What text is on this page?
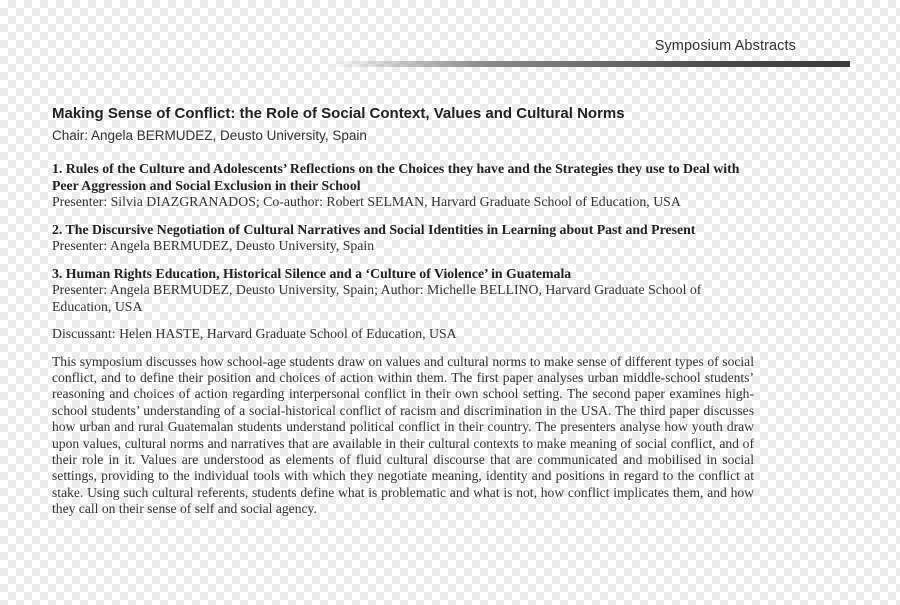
Symposium Abstracts
Making Sense of Conflict: the Role of Social Context, Values and Cultural Norms
Chair: Angela BERMUDEZ, Deusto University, Spain
1. Rules of the Culture and Adolescents’ Reflections on the Choices they have and the Strategies they use to Deal with Peer Aggression and Social Exclusion in their School
Presenter: Silvia DIAZGRANADOS; Co-author: Robert SELMAN, Harvard Graduate School of Education, USA
2. The Discursive Negotiation of Cultural Narratives and Social Identities in Learning about Past and Present
Presenter: Angela BERMUDEZ, Deusto University, Spain
3. Human Rights Education, Historical Silence and a ‘Culture of Violence’ in Guatemala
Presenter: Angela BERMUDEZ, Deusto University, Spain; Author: Michelle BELLINO, Harvard Graduate School of Education, USA
Discussant: Helen HASTE, Harvard Graduate School of Education, USA
This symposium discusses how school-age students draw on values and cultural norms to make sense of different types of social conflict, and to define their position and choices of action within them. The first paper analyses urban middle-school students’ reasoning and choices of action regarding interpersonal conflict in their own school setting. The second paper examines high-school students’ understanding of a social-historical conflict of racism and discrimination in the USA. The third paper discusses how urban and rural Guatemalan students understand political conflict in their country. The presenters analyse how youth draw upon values, cultural norms and narratives that are available in their cultural contexts to make meaning of social conflict, and of their role in it. Values are understood as elements of fluid cultural discourse that are communicated and mobilised in social settings, providing to the individual tools with which they negotiate meaning, identity and positions in regard to the conflict at stake. Using such cultural referents, students define what is problematic and what is not, how conflict implicates them, and how they call on their sense of self and social agency.
